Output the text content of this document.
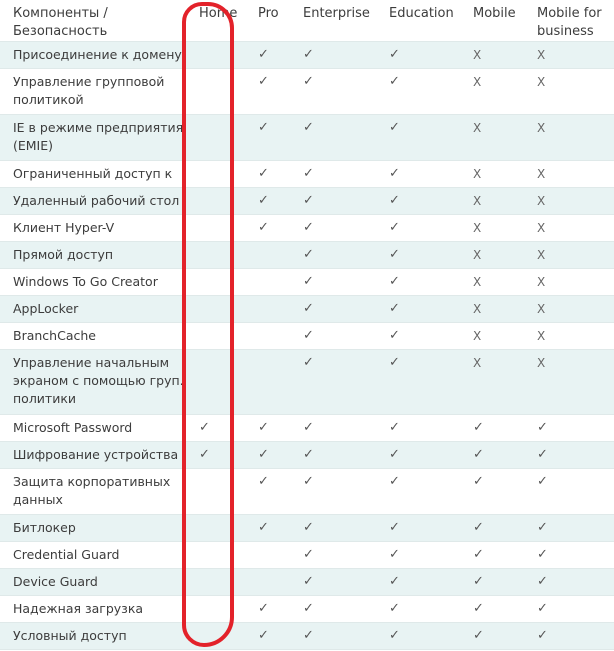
Компоненты / Безопасность	Home	Pro	Enterprise	Education	Mobile	Mobile for business
Присоединение к домену		✓	✓	✓	X	X
Управление групповой политикой		✓	✓	✓	X	X
IE в режиме предприятия (EMIE)		✓	✓	✓	X	X
Ограниченный доступ к		✓	✓	✓	X	X
Удаленный рабочий стол		✓	✓	✓	X	X
Клиент Hyper-V		✓	✓	✓	X	X
Прямой доступ			✓	✓	X	X
Windows To Go Creator			✓	✓	X	X
AppLocker			✓	✓	X	X
BranchCache			✓	✓	X	X
Управление начальным экраном с помощью груп. политики			✓	✓	X	X
Microsoft Password	✓	✓	✓	✓	✓	✓
Шифрование устройства	✓	✓	✓	✓	✓	✓
Защита корпоративных данных		✓	✓	✓	✓	✓
Битлокер		✓	✓	✓	✓	✓
Credential Guard			✓	✓	✓	✓
Device Guard			✓	✓	✓	✓
Надежная загрузка		✓	✓	✓	✓	✓
Условный доступ		✓	✓	✓	✓	✓
